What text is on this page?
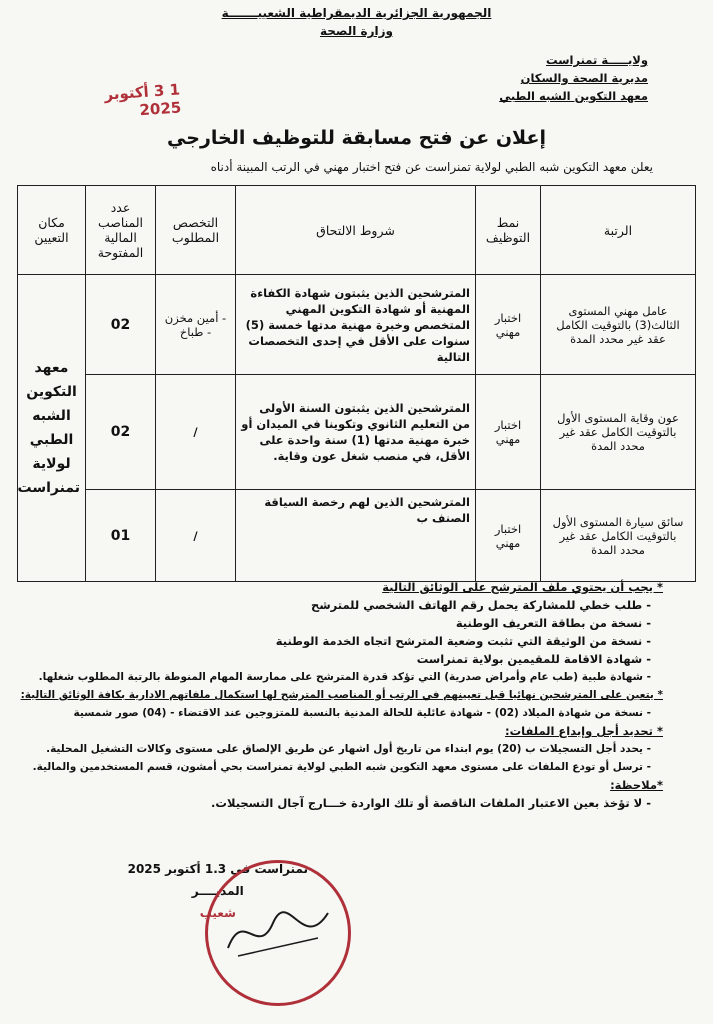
الجمهورية الجزائرية الديمقراطية الشعبيـــــــة
وزارة الصحة
ولايـــــة تمنراست
مديرية الصحة والسكان
معهد التكوين الشبه الطبي
1 3 أكتوبر 2025
إعلان عن فتح مسابقة للتوظيف الخارجي
يعلن معهد التكوين شبه الطبي لولاية تمنراست عن فتح اختبار مهني في الرتب المبينة أدناه
الرتبة	نمط التوظيف	شروط الالتحاق	التخصص المطلوب	عدد المناصب المالية المفتوحة	مكان التعيين
عامل مهني المستوى الثالث(3) بالتوقيت الكامل عقد غير محدد المدة	اختبار مهني	المترشحين الذين يثبتون شهادة الكفاءة المهنية أو شهادة التكوين المهني المتخصص وخبرة مهنية مدتها خمسة (5) سنوات على الأقل في إحدى التخصصات التالية	- أمين مخزن - طباخ	02	معهد التكوين الشبه الطبي لولاية تمنراست
عون وقاية المستوى الأول بالتوقيت الكامل عقد غير محدد المدة	اختبار مهني	المترشحين الذين يثبتون السنة الأولى من التعليم الثانوي وتكوينا في الميدان أو خبرة مهنية مدتها (1) سنة واحدة على الأقل، في منصب شغل عون وقاية.	/	02	
سائق سيارة المستوى الأول بالتوقيت الكامل عقد غير محدد المدة	اختبار مهني	المترشحين الذين لهم رخصة السياقة الصنف ب	/	01	
* يجب أن يحتوي ملف المترشح على الوثائق التالية
- طلب خطي للمشاركة يحمل رقم الهاتف الشخصي للمترشح
- نسخة من بطاقة التعريف الوطنية
- نسخة من الوثيقة التي تثبت وضعية المترشح اتجاه الخدمة الوطنية
- شهادة الاقامة للمقيمين بولاية تمنراست
- شهادة طبية (طب عام وأمراض صدرية) التي تؤكد قدرة المترشح على ممارسة المهام المنوطة بالرتبة المطلوب شغلها.
* يتعين على المترشحين نهائيا قبل تعيينهم في الرتب أو المناصب المترشح لها استكمال ملفاتهم الادارية بكافة الوثائق التالية:
- نسخة من شهادة الميلاد (02) - شهادة عائلية للحالة المدنية بالنسبة للمتزوجين عند الاقتضاء - (04) صور شمسية
* تحديد أجل وإيداع الملفات:
- يحدد أجل التسجيلات ب (20) يوم ابتداء من تاريخ أول اشهار عن طريق الإلصاق على مستوى وكالات التشغيل المحلية.
- ترسل أو تودع الملفات على مستوى معهد التكوين شبه الطبي لولاية تمنراست بحي أمشون، قسم المستخدمين والمالية.
*ملاحظة:
- لا تؤخذ بعين الاعتبار الملفات الناقصة أو تلك الواردة خـــارج آجال التسجيلات.
تمنراست في 1.3 أكتوبر 2025
المديــــر
شعيب
